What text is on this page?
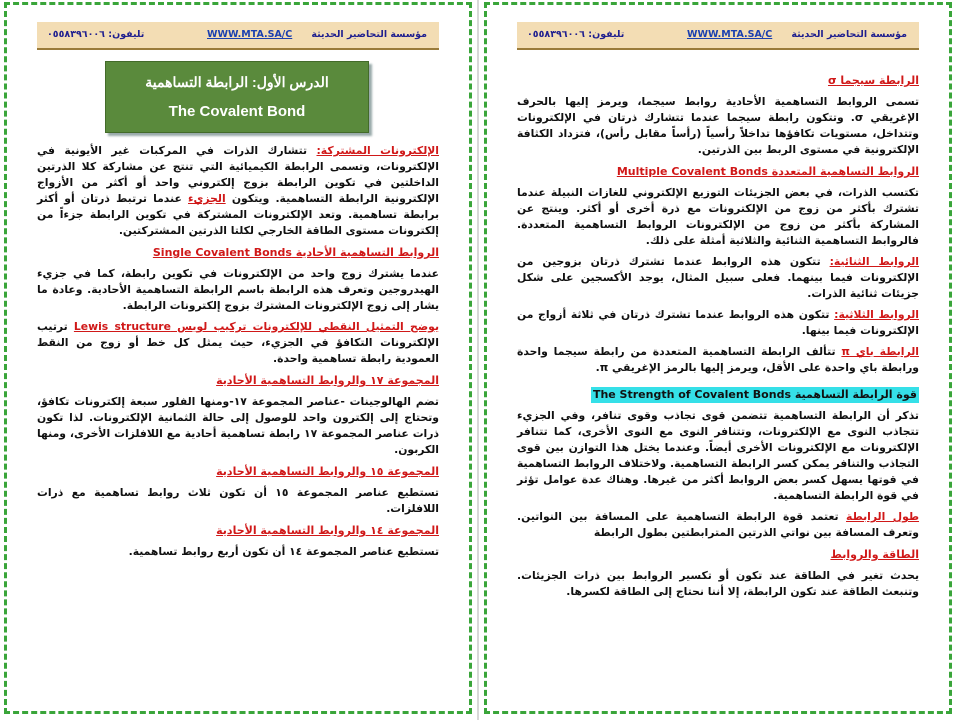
تليفون: ٠٥٥٨٣٩٦٠٠٦	WWW.MTA.SA/C مؤسسة التحاضير الحديثة
الدرس الأول: الرابطة التساهمية
The Covalent Bond

الإلكترونات المشتركة: تتشارك الذرات في المركبات غير الأيونية في الإلكترونات، وتسمى الرابطة الكيميائية التي تنتج عن مشاركة كلا الذرتين الداخلتين في تكوين الرابطة بزوج إلكتروني واحد أو أكثر من الأزواج الإلكترونية الرابطة التساهمية. ويتكون الجزيء عندما ترتبط ذرتان أو أكثر برابطة تساهمية. وتعد الإلكترونات المشتركة في تكوين الرابطة جزءاً من إلكترونات مستوى الطاقة الخارجي لكلتا الذرتين المشتركتين.

الروابط التساهمية الأحادية Single Covalent Bonds

عندما يشترك زوج واحد من الإلكترونات في تكوين رابطة، كما في جزيء الهيدروجين وتعرف هذه الرابطة باسم الرابطة التساهمية الأحادية. وعادة ما يشار إلى زوج الإلكترونات المشترك بزوج إلكترونات الرابطة.

يوضح التمثيل النقطي للإلكترونات تركيب لويس Lewis structure ترتيب الإلكترونات التكافؤ في الجزيء، حيث يمثل كل خط أو زوج من النقط العمودية رابطة تساهمية واحدة.

المجموعة ١٧ والروابط التساهمية الأحادية

تضم الهالوجينات -عناصر المجموعة ١٧-ومنها الفلور سبعة إلكترونات تكافؤ، وتحتاج إلى إلكترون واحد للوصول إلى حالة الثمانية الإلكترونات. لذا تكون ذرات عناصر المجموعة ١٧ رابطة تساهمية أحادية مع اللافلزات الأخرى، ومنها الكربون.

المجموعة ١٥ والروابط التساهمية الأحادية

تستطيع عناصر المجموعة ١٥ أن تكون ثلاث روابط تساهمية مع ذرات اللافلزات.

المجموعة ١٤ والروابط التساهمية الأحادية

تستطيع عناصر المجموعة ١٤ أن تكون أربع روابط تساهمية.

تليفون: ٠٥٥٨٣٩٦٠٠٦	WWW.MTA.SA/C مؤسسة التحاضير الحديثة
الرابطة سيجما σ

تسمى الروابط التساهمية الأحادية روابط سيجما، ويرمز إليها بالحرف الإغريقي σ. وتتكون رابطة سيجما عندما تتشارك ذرتان في الإلكترونات وتتداخل، مستويات تكافؤها تداخلاً رأسياً (رأساً مقابل رأس)، فتزداد الكثافة الإلكترونية في مستوى الربط بين الذرتين.

الروابط التساهمية المتعددة Multiple Covalent Bonds

تكتسب الذرات، في بعض الجزيئات التوزيع الإلكتروني للغازات النبيلة عندما تشترك بأكثر من زوج من الإلكترونات مع ذرة أخرى أو أكثر. وينتج عن المشاركة بأكثر من زوج من الإلكترونات الروابط التساهمية المتعددة. فالروابط التساهمية الثنائية والثلاثية أمثلة على ذلك.

الروابط الثنائية: تتكون هذه الروابط عندما تشترك ذرتان بزوجين من الإلكترونات فيما بينهما. فعلى سبيل المثال، يوجد الأكسجين على شكل جزيئات ثنائية الذرات.

الروابط الثلاثية: تتكون هذه الروابط عندما تشترك ذرتان في ثلاثة أزواج من الإلكترونات فيما بينها.

الرابطة باي π تتألف الرابطة التساهمية المتعددة من رابطة سيجما واحدة ورابطة باي واحدة على الأقل، ويرمز إليها بالرمز الإغريقي π.

قوة الرابطة التساهمية The Strength of Covalent Bonds

تذكر أن الرابطة التساهمية تتضمن قوى تجاذب وقوى تنافر، وفي الجزيء تتجاذب النوى مع الإلكترونات، وتتنافر النوى مع النوى الأخرى، كما تتنافر الإلكترونات مع الإلكترونات الأخرى أيضاً. وعندما يختل هذا التوازن بين قوى التجاذب والتنافر يمكن كسر الرابطة التساهمية. ولاختلاف الروابط التساهمية في قوتها يسهل كسر بعض الروابط أكثر من غيرها. وهناك عدة عوامل تؤثر في قوة الرابطة التساهمية.

طول الرابطة تعتمد قوة الرابطة التساهمية على المسافة بين النواتين. وتعرف المسافة بين نواتي الذرتين المترابطتين بطول الرابطة

الطاقة والروابط

يحدث تغير في الطاقة عند تكون أو تكسير الروابط بين ذرات الجزيئات. وتنبعث الطاقة عند تكون الرابطة، إلا أننا نحتاج إلى الطاقة لكسرها.
